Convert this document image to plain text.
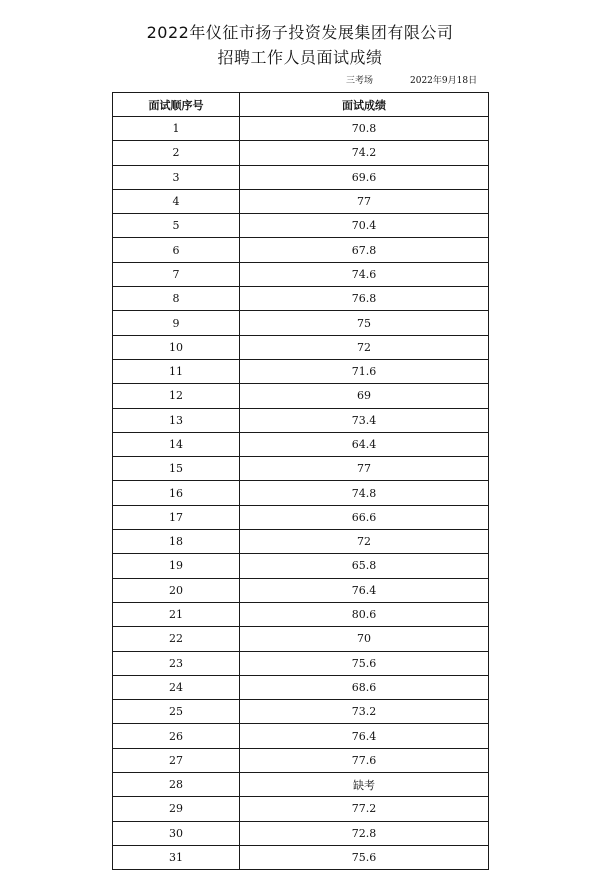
2022年仪征市扬子投资发展集团有限公司
招聘工作人员面试成绩
三考场	2022年9月18日
面试顺序号	面试成绩
1	70.8
2	74.2
3	69.6
4	77
5	70.4
6	67.8
7	74.6
8	76.8
9	75
10	72
11	71.6
12	69
13	73.4
14	64.4
15	77
16	74.8
17	66.6
18	72
19	65.8
20	76.4
21	80.6
22	70
23	75.6
24	68.6
25	73.2
26	76.4
27	77.6
28	缺考
29	77.2
30	72.8
31	75.6
